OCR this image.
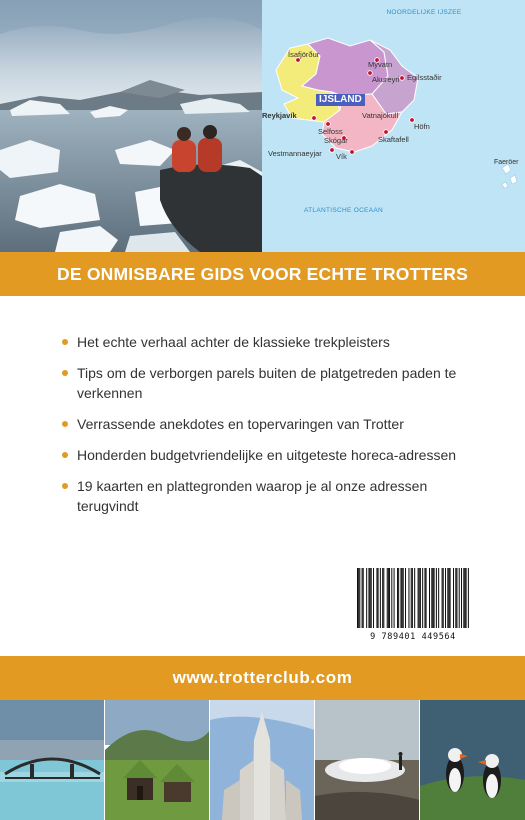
NOORDELIJKE IJSZEE
ATLANTISCHE OCEAAN
IJSLAND
Ísafjörður
Mývatn
Akureyri Egilsstaðir
Reykjavík	Vatnajökull
Selfoss
Höfn
Skógar	Skaftafell
Vestmannaeyjar Vík
Faeröer
DE ONMISBARE GIDS VOOR ECHTE TROTTERS
Het echte verhaal achter de klassieke trekpleisters
Tips om de verborgen parels buiten de platgetreden paden te verkennen
Verrassende anekdotes en topervaringen van Trotter
Honderden budgetvriendelijke en uitgeteste horeca-adressen
19 kaarten en plattegronden waarop je al onze adressen terugvindt
9 789401 449564
www.trotterclub.com
